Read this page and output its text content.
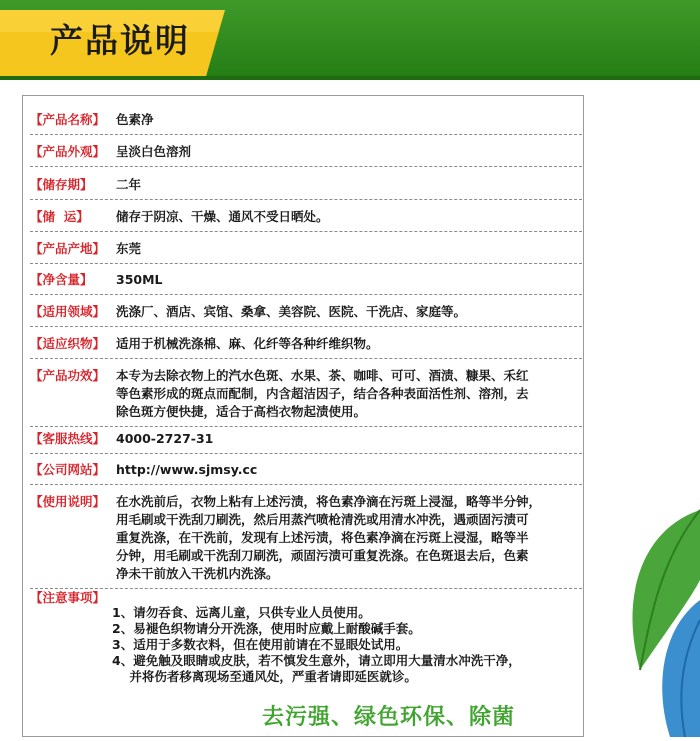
产品说明
【产品名称】 色素净
【产品外观】 呈淡白色溶剂
【储存期】 二年
【储  运】 储存于阴凉、干燥、通风不受日晒处。
【产品产地】 东莞
【净含量】 350ML
【适用领域】 洗涤厂、酒店、宾馆、桑拿、美容院、医院、干洗店、家庭等。
【适应织物】 适用于机械洗涤棉、麻、化纤等各种纤维织物。
【产品功效】 本专为去除衣物上的汽水色斑、水果、茶、咖啡、可可、酒渍、糠果、禾红
等色素形成的斑点而配制，内含超洁因子，结合各种表面活性剂、溶剂，去
除色斑方便快捷，适合于高档衣物起渍使用。
【客服热线】 4000-2727-31
【公司网站】 http://www.sjmsy.cc
【使用说明】 在水洗前后，衣物上粘有上述污渍，将色素净滴在污斑上浸湿，略等半分钟，
用毛刷或干洗刮刀刷洗，然后用蒸汽喷枪清洗或用清水冲洗，遇顽固污渍可
重复洗涤，在干洗前，发现有上述污渍，将色素净滴在污斑上浸湿，略等半
分钟，用毛刷或干洗刮刀刷洗，顽固污渍可重复洗涤。在色斑退去后，色素
净未干前放入干洗机内洗涤。
【注意事项】
1、请勿吞食、远离儿童，只供专业人员使用。
2、易褪色织物请分开洗涤，使用时应戴上耐酸碱手套。
3、适用于多数衣料，但在使用前请在不显眼处试用。
4、避免触及眼睛或皮肤，若不慎发生意外，请立即用大量清水冲洗干净，
并将伤者移离现场至通风处，严重者请即延医就诊。
去污强、绿色环保、除菌
